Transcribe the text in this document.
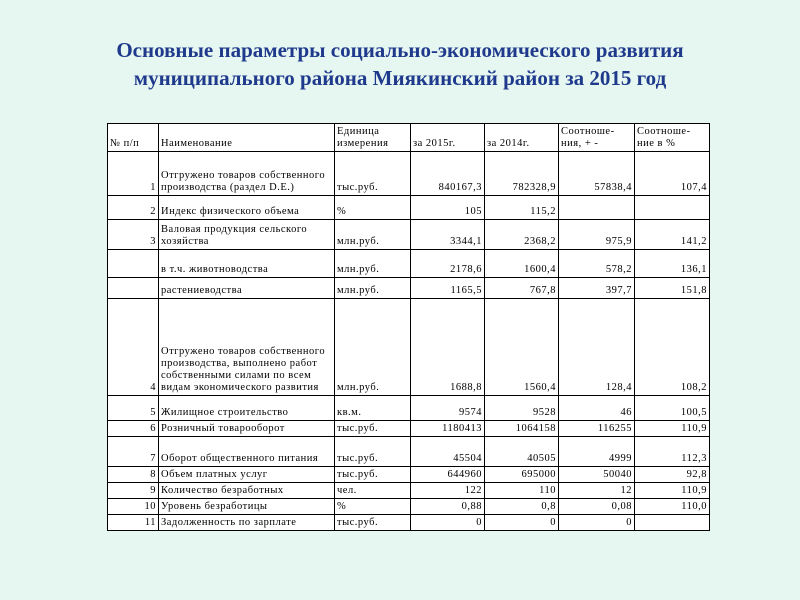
Основные параметры социально-экономического развития
муниципального района Миякинский район за 2015 год
№ п/п	Наименование	Единица измерения	за 2015г.	за 2014г.	Соотноше-ния, + -	Соотноше-ние в %
1	Отгружено товаров собственного производства (раздел D.E.)	тыс.руб.	840167,3	782328,9	57838,4	107,4
2	Индекс физического объема	%	105	115,2		
3	Валовая продукция сельского хозяйства	млн.руб.	3344,1	2368,2	975,9	141,2
	в т.ч. животноводства	млн.руб.	2178,6	1600,4	578,2	136,1
	растениеводства	млн.руб.	1165,5	767,8	397,7	151,8
4	Отгружено товаров собственного производства, выполнено работ собственными силами по всем видам экономического развития	млн.руб.	1688,8	1560,4	128,4	108,2
5	Жилищное строительство	кв.м.	9574	9528	46	100,5
6	Розничный товарооборот	тыс.руб.	1180413	1064158	116255	110,9
7	Оборот общественного питания	тыс.руб.	45504	40505	4999	112,3
8	Объем платных услуг	тыс.руб.	644960	695000	50040	92,8
9	Количество безработных	чел.	122	110	12	110,9
10	Уровень безработицы	%	0,88	0,8	0,08	110,0
11	Задолженность по зарплате	тыс.руб.	0	0	0	
